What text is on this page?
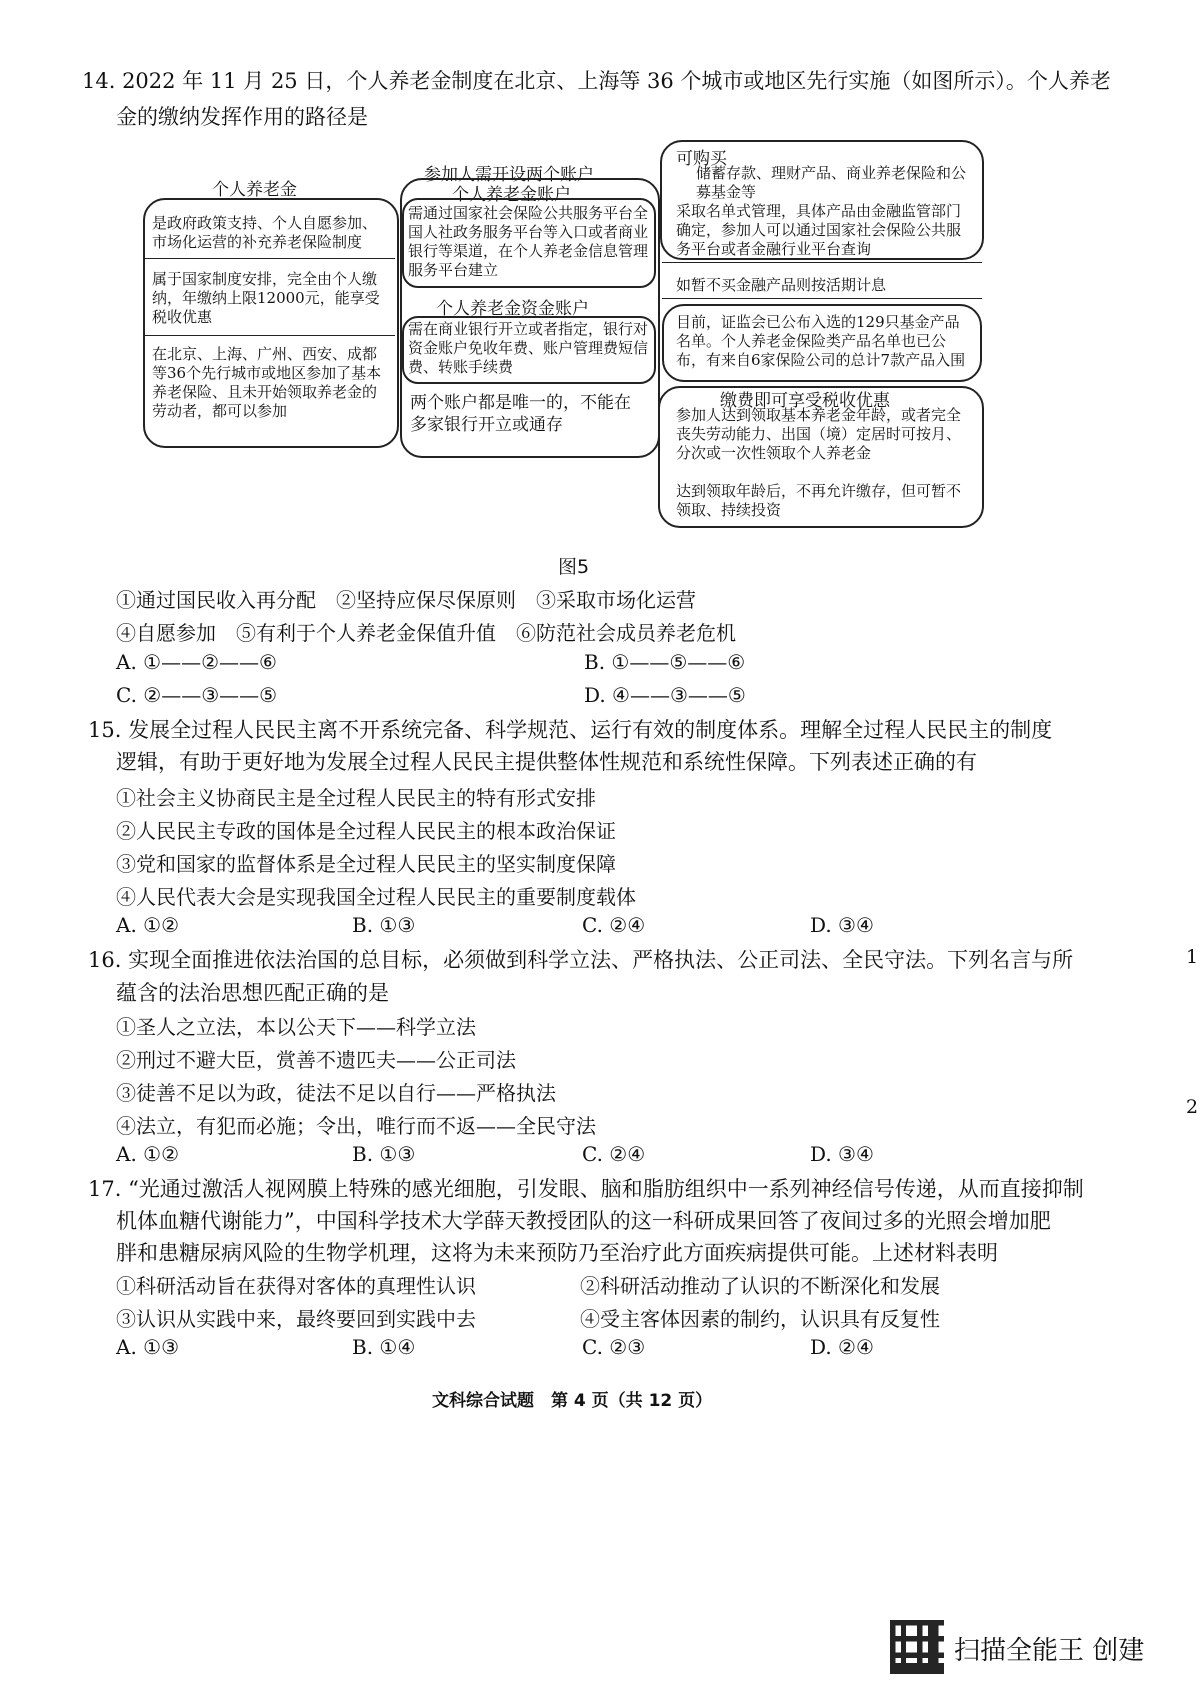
14. 2022 年 11 月 25 日，个人养老金制度在北京、上海等 36 个城市或地区先行实施（如图所示）。个人养老
金的缴纳发挥作用的路径是
个人养老金
是政府政策支持、个人自愿参加、市场化运营的补充养老保险制度
属于国家制度安排，完全由个人缴纳，年缴纳上限12000元，能享受税收优惠
在北京、上海、广州、西安、成都等36个先行城市或地区参加了基本养老保险、且未开始领取养老金的劳动者，都可以参加
参加人需开设两个账户
个人养老金账户
需通过国家社会保险公共服务平台全国人社政务服务平台等入口或者商业银行等渠道，在个人养老金信息管理服务平台建立
个人养老金资金账户
需在商业银行开立或者指定，银行对资金账户免收年费、账户管理费短信费、转账手续费
两个账户都是唯一的，不能在多家银行开立或通存
可购买
储蓄存款、理财产品、商业养老保险和公募基金等
采取名单式管理，具体产品由金融监管部门确定，参加人可以通过国家社会保险公共服务平台或者金融行业平台查询
如暂不买金融产品则按活期计息
目前，证监会已公布入选的129只基金产品名单。个人养老金保险类产品名单也已公布，有来自6家保险公司的总计7款产品入围
缴费即可享受税收优惠
参加人达到领取基本养老金年龄，或者完全丧失劳动能力、出国（境）定居时可按月、分次或一次性领取个人养老金
达到领取年龄后，不再允许缴存，但可暂不领取、持续投资
图5
①通过国民收入再分配　②坚持应保尽保原则　③采取市场化运营
④自愿参加　⑤有利于个人养老金保值升值　⑥防范社会成员养老危机
A. ①——②——⑥	B. ①——⑤——⑥
C. ②——③——⑤	D. ④——③——⑤
15. 发展全过程人民民主离不开系统完备、科学规范、运行有效的制度体系。理解全过程人民民主的制度
逻辑，有助于更好地为发展全过程人民民主提供整体性规范和系统性保障。下列表述正确的有
①社会主义协商民主是全过程人民民主的特有形式安排
②人民民主专政的国体是全过程人民民主的根本政治保证
③党和国家的监督体系是全过程人民民主的坚实制度保障
④人民代表大会是实现我国全过程人民民主的重要制度载体
A. ①②	B. ①③	C. ②④	D. ③④
16. 实现全面推进依法治国的总目标，必须做到科学立法、严格执法、公正司法、全民守法。下列名言与所
蕴含的法治思想匹配正确的是
①圣人之立法，本以公天下——科学立法
②刑过不避大臣，赏善不遗匹夫——公正司法
③徒善不足以为政，徒法不足以自行——严格执法
④法立，有犯而必施；令出，唯行而不返——全民守法
A. ①②	B. ①③	C. ②④	D. ③④
17. “光通过激活人视网膜上特殊的感光细胞，引发眼、脑和脂肪组织中一系列神经信号传递，从而直接抑制
机体血糖代谢能力”，中国科学技术大学薛天教授团队的这一科研成果回答了夜间过多的光照会增加肥
胖和患糖尿病风险的生物学机理，这将为未来预防乃至治疗此方面疾病提供可能。上述材料表明
①科研活动旨在获得对客体的真理性认识	②科研活动推动了认识的不断深化和发展
③认识从实践中来，最终要回到实践中去	④受主客体因素的制约，认识具有反复性
A. ①③	B. ①④	C. ②③	D. ②④
1
2
文科综合试题　第 4 页（共 12 页）
扫描全能王 创建
